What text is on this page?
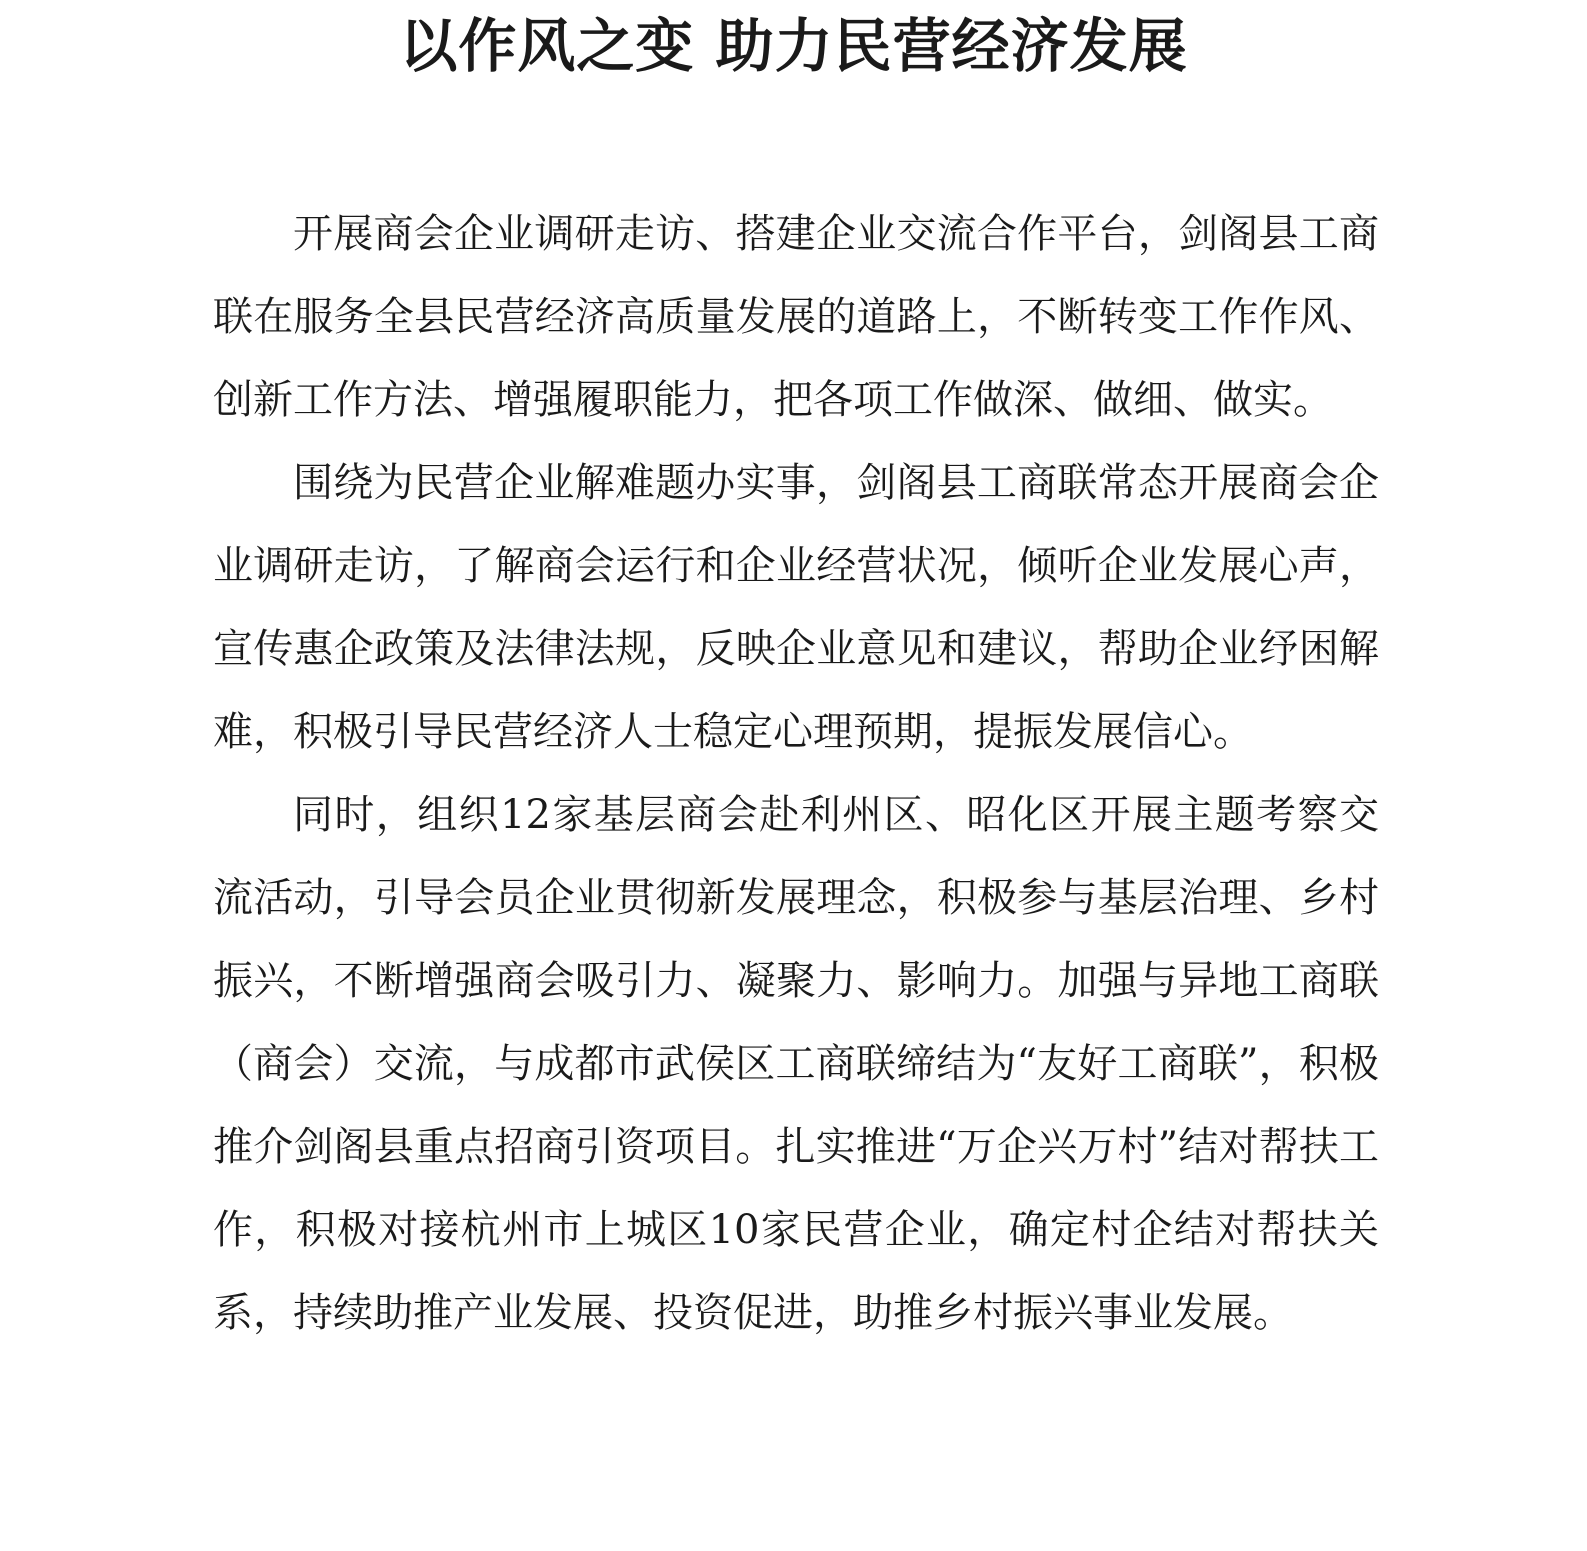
以作风之变 助力民营经济发展

开展商会企业调研走访、搭建企业交流合作平台，剑阁县工商联在服务全县民营经济高质量发展的道路上，不断转变工作作风、创新工作方法、增强履职能力，把各项工作做深、做细、做实。

围绕为民营企业解难题办实事，剑阁县工商联常态开展商会企业调研走访，了解商会运行和企业经营状况，倾听企业发展心声，宣传惠企政策及法律法规，反映企业意见和建议，帮助企业纾困解难，积极引导民营经济人士稳定心理预期，提振发展信心。

同时，组织12家基层商会赴利州区、昭化区开展主题考察交流活动，引导会员企业贯彻新发展理念，积极参与基层治理、乡村振兴，不断增强商会吸引力、凝聚力、影响力。加强与异地工商联（商会）交流，与成都市武侯区工商联缔结为“友好工商联”，积极推介剑阁县重点招商引资项目。扎实推进“万企兴万村”结对帮扶工作，积极对接杭州市上城区10家民营企业，确定村企结对帮扶关系，持续助推产业发展、投资促进，助推乡村振兴事业发展。
